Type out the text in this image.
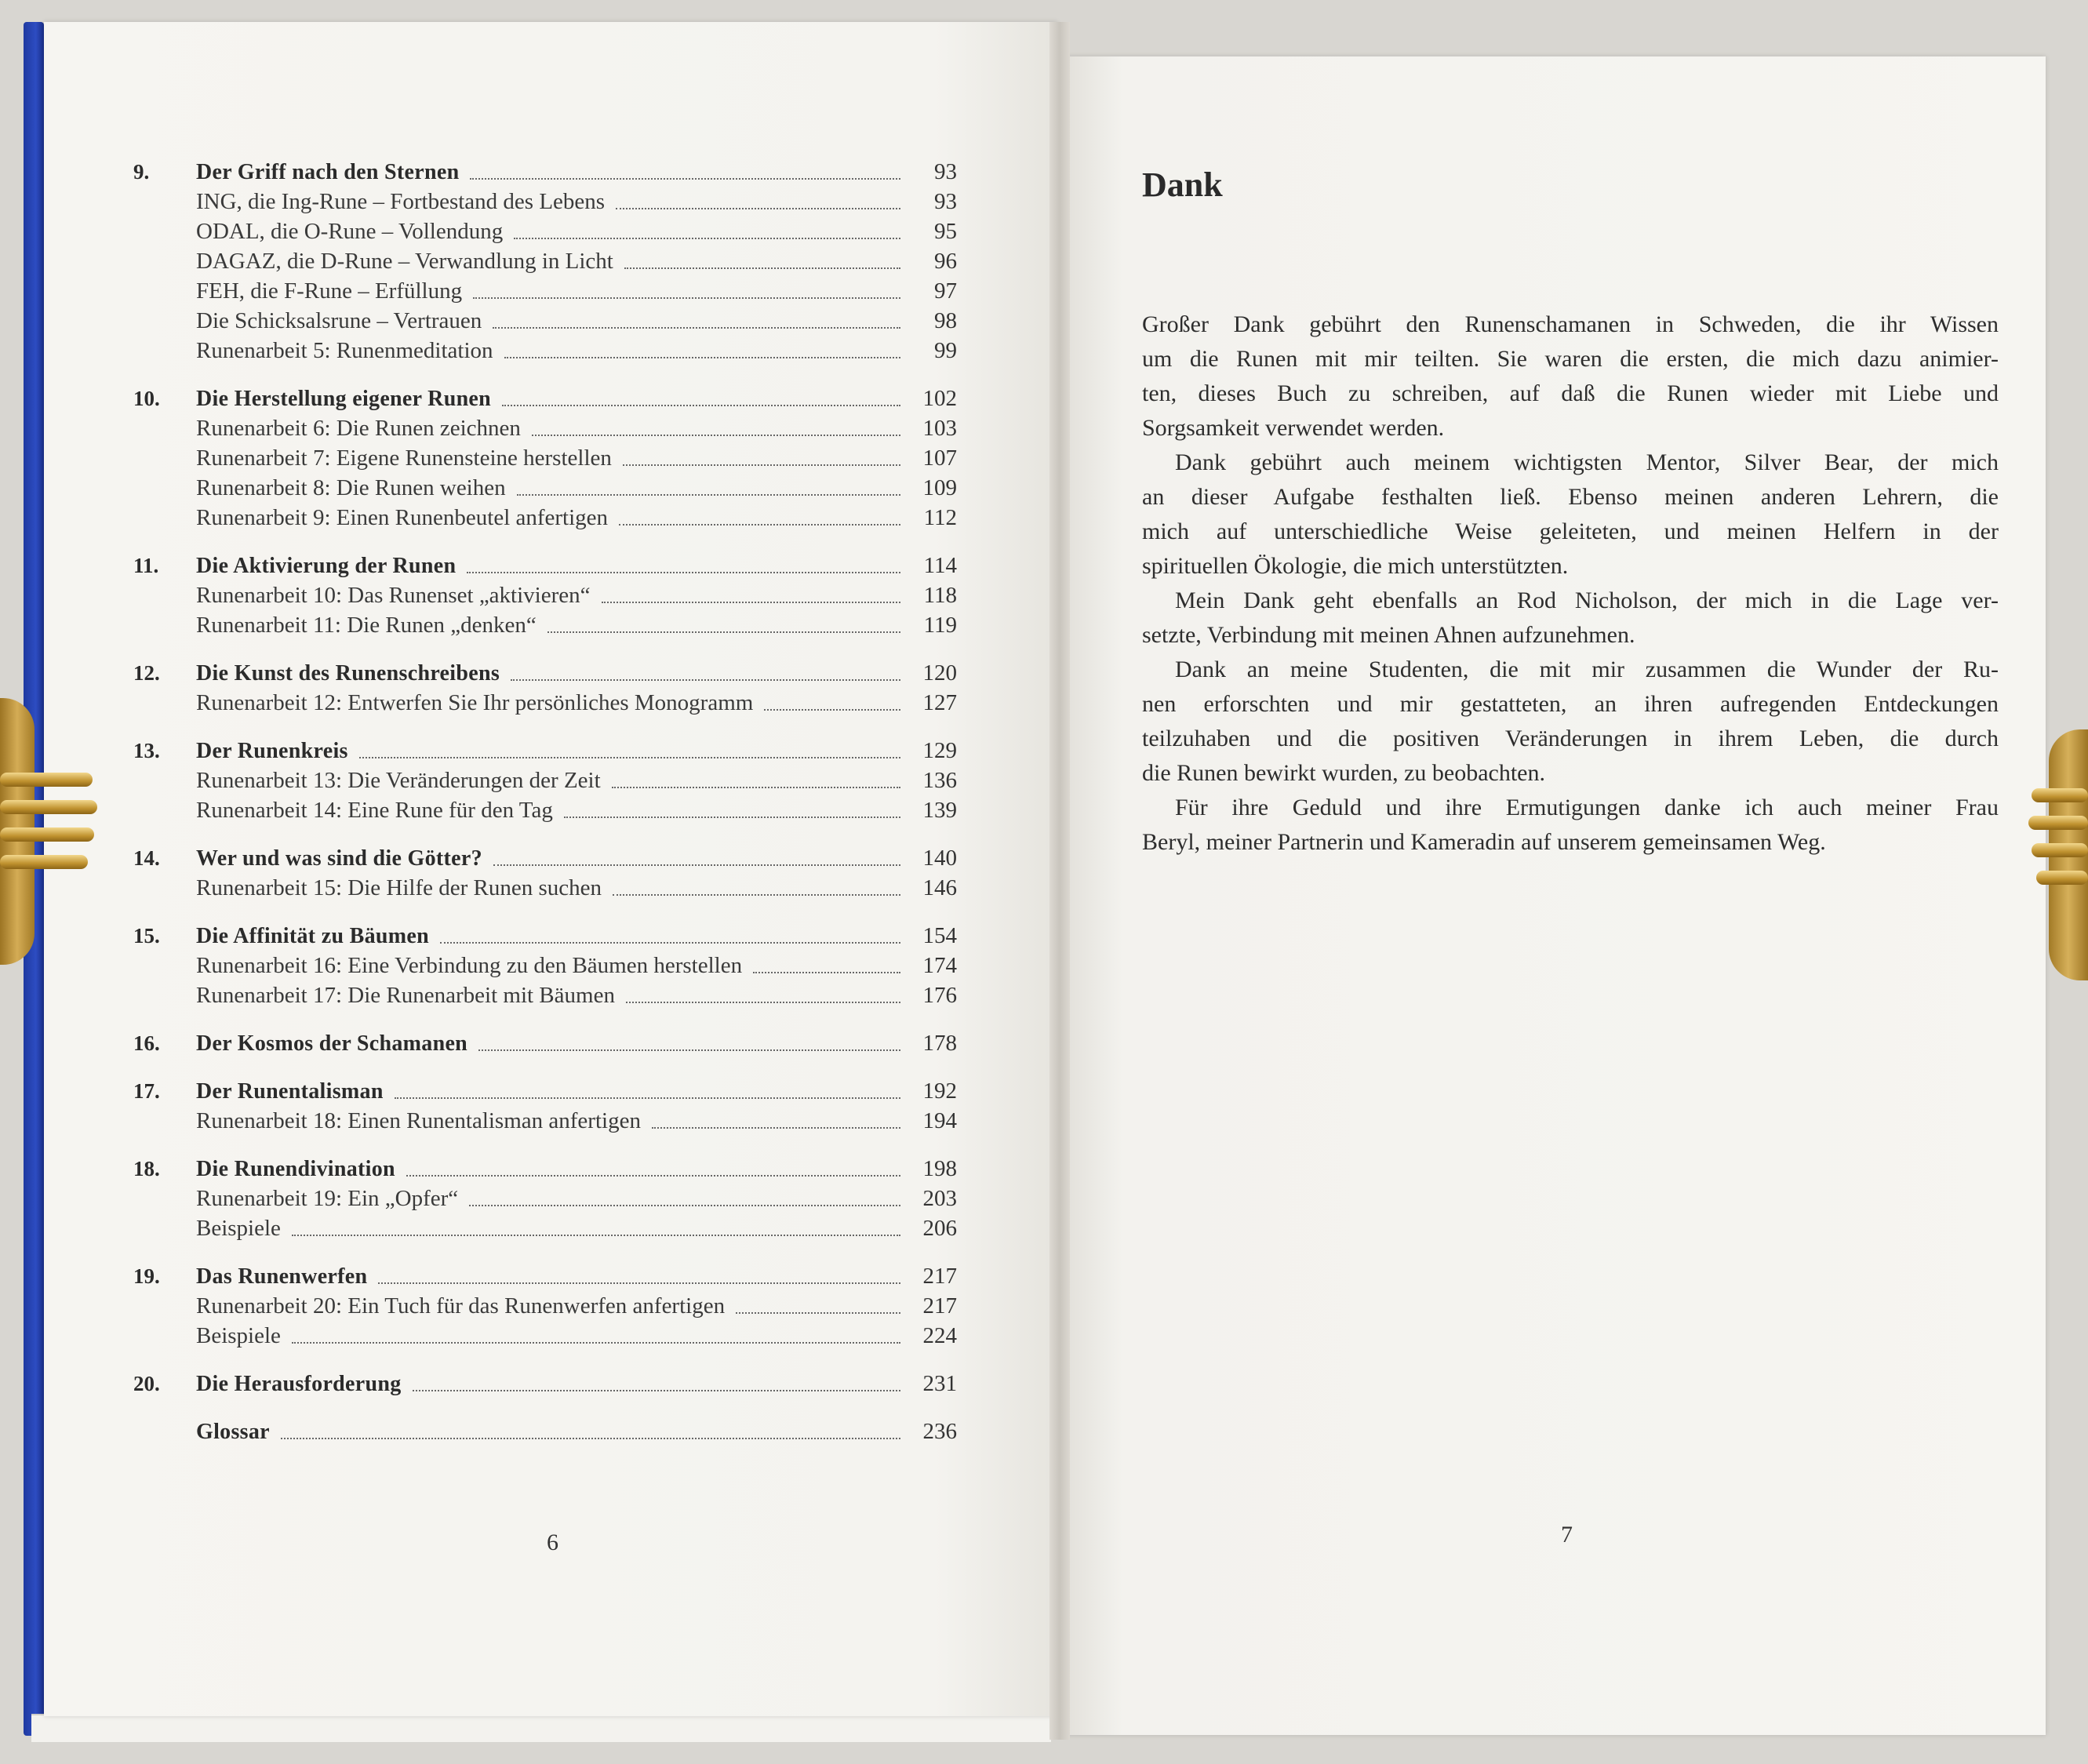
9.	Der Griff nach den Sternen	93
ING, die Ing-Rune – Fortbestand des Lebens	93
ODAL, die O-Rune – Vollendung	95
DAGAZ, die D-Rune – Verwandlung in Licht	96
FEH, die F-Rune – Erfüllung	97
Die Schicksalsrune – Vertrauen	98
Runenarbeit 5: Runenmeditation	99
10.	Die Herstellung eigener Runen	102
Runenarbeit 6: Die Runen zeichnen	103
Runenarbeit 7: Eigene Runensteine herstellen	107
Runenarbeit 8: Die Runen weihen	109
Runenarbeit 9: Einen Runenbeutel anfertigen	112
11.	Die Aktivierung der Runen	114
Runenarbeit 10: Das Runenset „aktivieren“	118
Runenarbeit 11: Die Runen „denken“	119
12.	Die Kunst des Runenschreibens	120
Runenarbeit 12: Entwerfen Sie Ihr persönliches Monogramm	127
13.	Der Runenkreis	129
Runenarbeit 13: Die Veränderungen der Zeit	136
Runenarbeit 14: Eine Rune für den Tag	139
14.	Wer und was sind die Götter?	140
Runenarbeit 15: Die Hilfe der Runen suchen	146
15.	Die Affinität zu Bäumen	154
Runenarbeit 16: Eine Verbindung zu den Bäumen herstellen	174
Runenarbeit 17: Die Runenarbeit mit Bäumen	176
16.	Der Kosmos der Schamanen	178
17.	Der Runentalisman	192
Runenarbeit 18: Einen Runentalisman anfertigen	194
18.	Die Runendivination	198
Runenarbeit 19: Ein „Opfer“	203
Beispiele	206
19.	Das Runenwerfen	217
Runenarbeit 20: Ein Tuch für das Runenwerfen anfertigen	217
Beispiele	224
20.	Die Herausforderung	231
Glossar	236
6
Dank
Großer Dank gebührt den Runenschamanen in Schweden, die ihr Wissen
um die Runen mit mir teilten. Sie waren die ersten, die mich dazu animier-
ten, dieses Buch zu schreiben, auf daß die Runen wieder mit Liebe und
Sorgsamkeit verwendet werden.
Dank gebührt auch meinem wichtigsten Mentor, Silver Bear, der mich
an dieser Aufgabe festhalten ließ. Ebenso meinen anderen Lehrern, die
mich auf unterschiedliche Weise geleiteten, und meinen Helfern in der
spirituellen Ökologie, die mich unterstützten.
Mein Dank geht ebenfalls an Rod Nicholson, der mich in die Lage ver-
setzte, Verbindung mit meinen Ahnen aufzunehmen.
Dank an meine Studenten, die mit mir zusammen die Wunder der Ru-
nen erforschten und mir gestatteten, an ihren aufregenden Entdeckungen
teilzuhaben und die positiven Veränderungen in ihrem Leben, die durch
die Runen bewirkt wurden, zu beobachten.
Für ihre Geduld und ihre Ermutigungen danke ich auch meiner Frau
Beryl, meiner Partnerin und Kameradin auf unserem gemeinsamen Weg.
7
